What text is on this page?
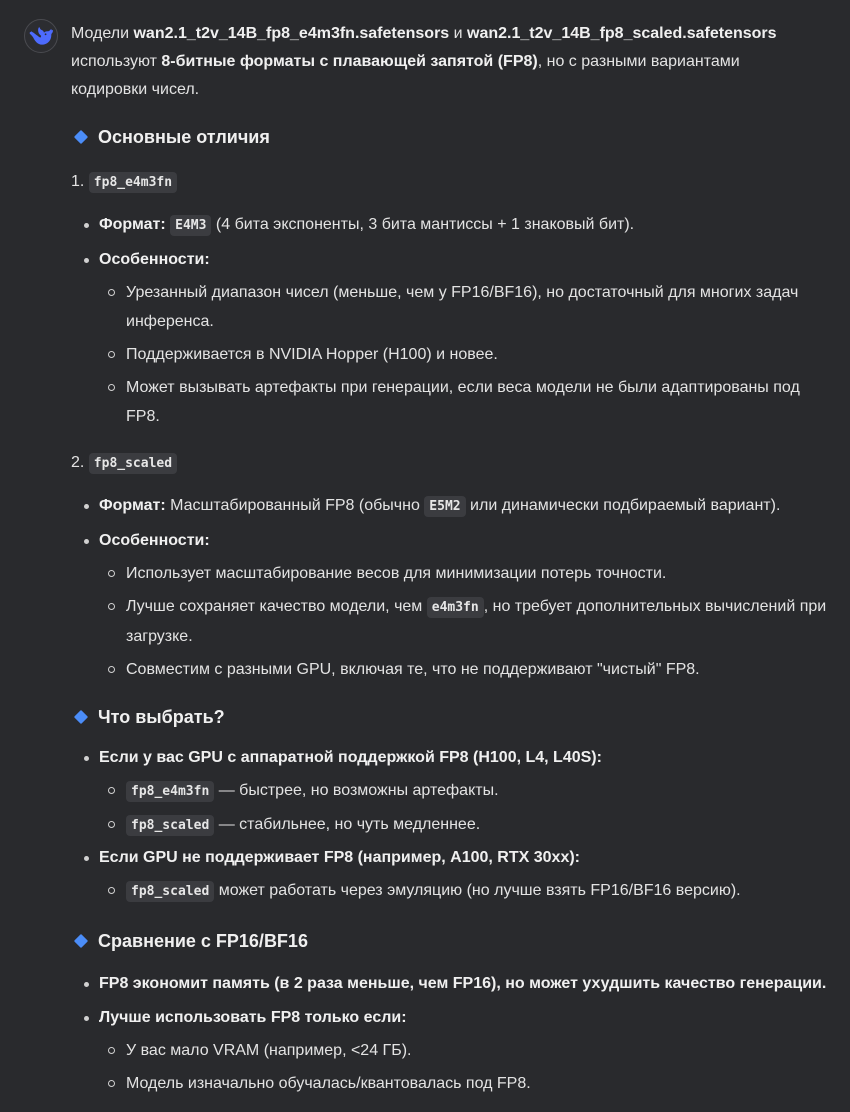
Модели wan2.1_t2v_14B_fp8_e4m3fn.safetensors и wan2.1_t2v_14B_fp8_scaled.safetensors
используют 8-битные форматы с плавающей запятой (FP8), но с разными вариантами
кодировки чисел.

Основные отличия
1. fp8_e4m3fn
Формат: E4M3 (4 бита экспоненты, 3 бита мантиссы + 1 знаковый бит).
Особенности:
Урезанный диапазон чисел (меньше, чем у FP16/BF16), но достаточный для многих задач инференса.
Поддерживается в NVIDIA Hopper (H100) и новее.
Может вызывать артефакты при генерации, если веса модели не были адаптированы под FP8.
2. fp8_scaled
Формат: Масштабированный FP8 (обычно E5M2 или динамически подбираемый вариант).
Особенности:
Использует масштабирование весов для минимизации потерь точности.
Лучше сохраняет качество модели, чем e4m3fn , но требует дополнительных вычислений при загрузке.
Совместим с разными GPU, включая те, что не поддерживают "чистый" FP8.
Что выбрать?
Если у вас GPU с аппаратной поддержкой FP8 (H100, L4, L40S):
fp8_e4m3fn — быстрее, но возможны артефакты.
fp8_scaled — стабильнее, но чуть медленнее.
Если GPU не поддерживает FP8 (например, A100, RTX 30xx):
fp8_scaled может работать через эмуляцию (но лучше взять FP16/BF16 версию).
Сравнение с FP16/BF16
FP8 экономит память (в 2 раза меньше, чем FP16), но может ухудшить качество генерации.
Лучше использовать FP8 только если:
У вас мало VRAM (например, <24 ГБ).
Модель изначально обучалась/квантовалась под FP8.
